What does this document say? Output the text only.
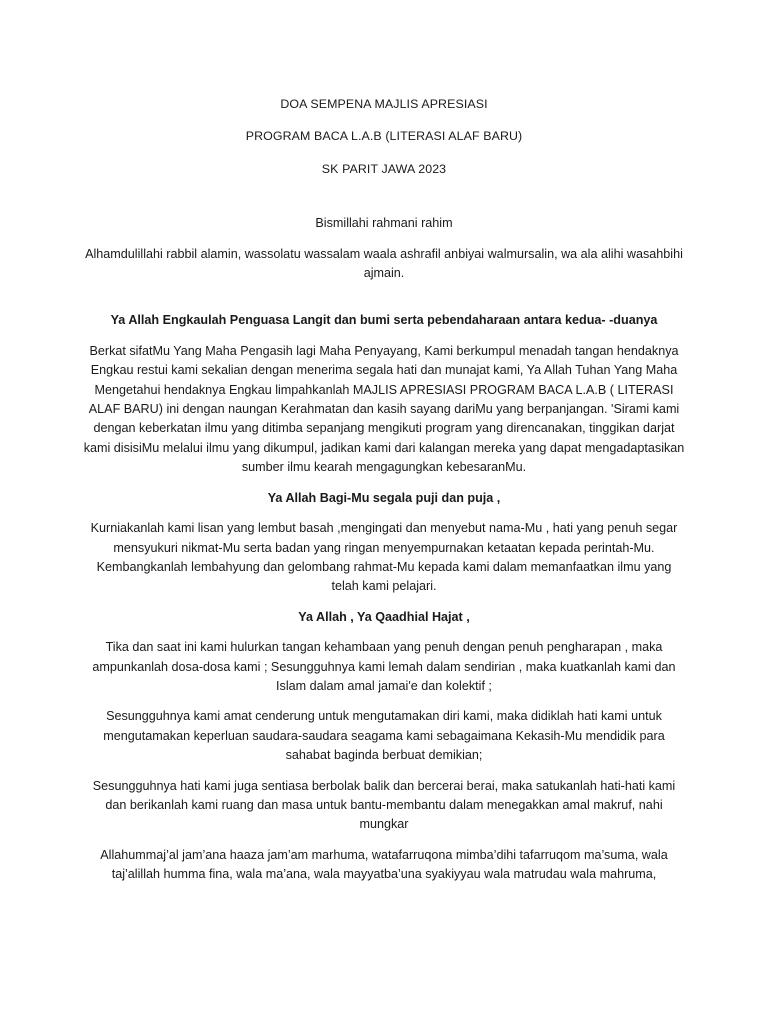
DOA SEMPENA MAJLIS APRESIASI

PROGRAM BACA L.A.B (LITERASI ALAF BARU)

SK PARIT JAWA 2023

Bismillahi rahmani rahim

Alhamdulillahi rabbil alamin, wassolatu wassalam waala ashrafil anbiyai walmursalin, wa ala alihi wasahbihi ajmain.

Ya Allah Engkaulah Penguasa Langit dan bumi serta pebendaharaan antara kedua- -duanya

Berkat sifatMu Yang Maha Pengasih lagi Maha Penyayang, Kami berkumpul menadah tangan hendaknya Engkau restui kami sekalian dengan menerima segala hati dan munajat kami, Ya Allah Tuhan Yang Maha Mengetahui hendaknya Engkau limpahkanlah MAJLIS APRESIASI PROGRAM BACA L.A.B ( LITERASI ALAF BARU) ini dengan naungan Kerahmatan dan kasih sayang dariMu yang berpanjangan. 'Sirami kami dengan keberkatan ilmu yang ditimba sepanjang mengikuti program yang direncanakan, tinggikan darjat kami disisiMu melalui ilmu yang dikumpul, jadikan kami dari kalangan mereka yang dapat mengadaptasikan sumber ilmu kearah mengagungkan kebesaranMu.

Ya Allah Bagi-Mu segala puji dan puja ,

Kurniakanlah kami lisan yang lembut basah ,mengingati dan menyebut nama-Mu , hati yang penuh segar mensyukuri nikmat-Mu serta badan yang ringan menyempurnakan ketaatan kepada perintah-Mu. Kembangkanlah lembahyung dan gelombang rahmat-Mu kepada kami dalam memanfaatkan ilmu yang telah kami pelajari.

Ya Allah , Ya Qaadhial Hajat ,

Tika dan saat ini kami hulurkan tangan kehambaan yang penuh dengan penuh pengharapan , maka ampunkanlah dosa-dosa kami ; Sesungguhnya kami lemah dalam sendirian , maka kuatkanlah kami dan Islam dalam amal jamai'e dan kolektif ;

Sesungguhnya kami amat cenderung untuk mengutamakan diri kami, maka didiklah hati kami untuk mengutamakan keperluan saudara-saudara seagama kami sebagaimana Kekasih-Mu mendidik para sahabat baginda berbuat demikian;

Sesungguhnya hati kami juga sentiasa berbolak balik dan bercerai berai, maka satukanlah hati-hati kami dan berikanlah kami ruang dan masa untuk bantu-membantu dalam menegakkan amal makruf, nahi mungkar

Allahummaj’al jam’ana haaza jam’am marhuma, watafarruqona mimba’dihi tafarruqom ma’suma, wala taj’alillah humma fina, wala ma’ana, wala mayyatba’una syakiyyau wala matrudau wala mahruma,
